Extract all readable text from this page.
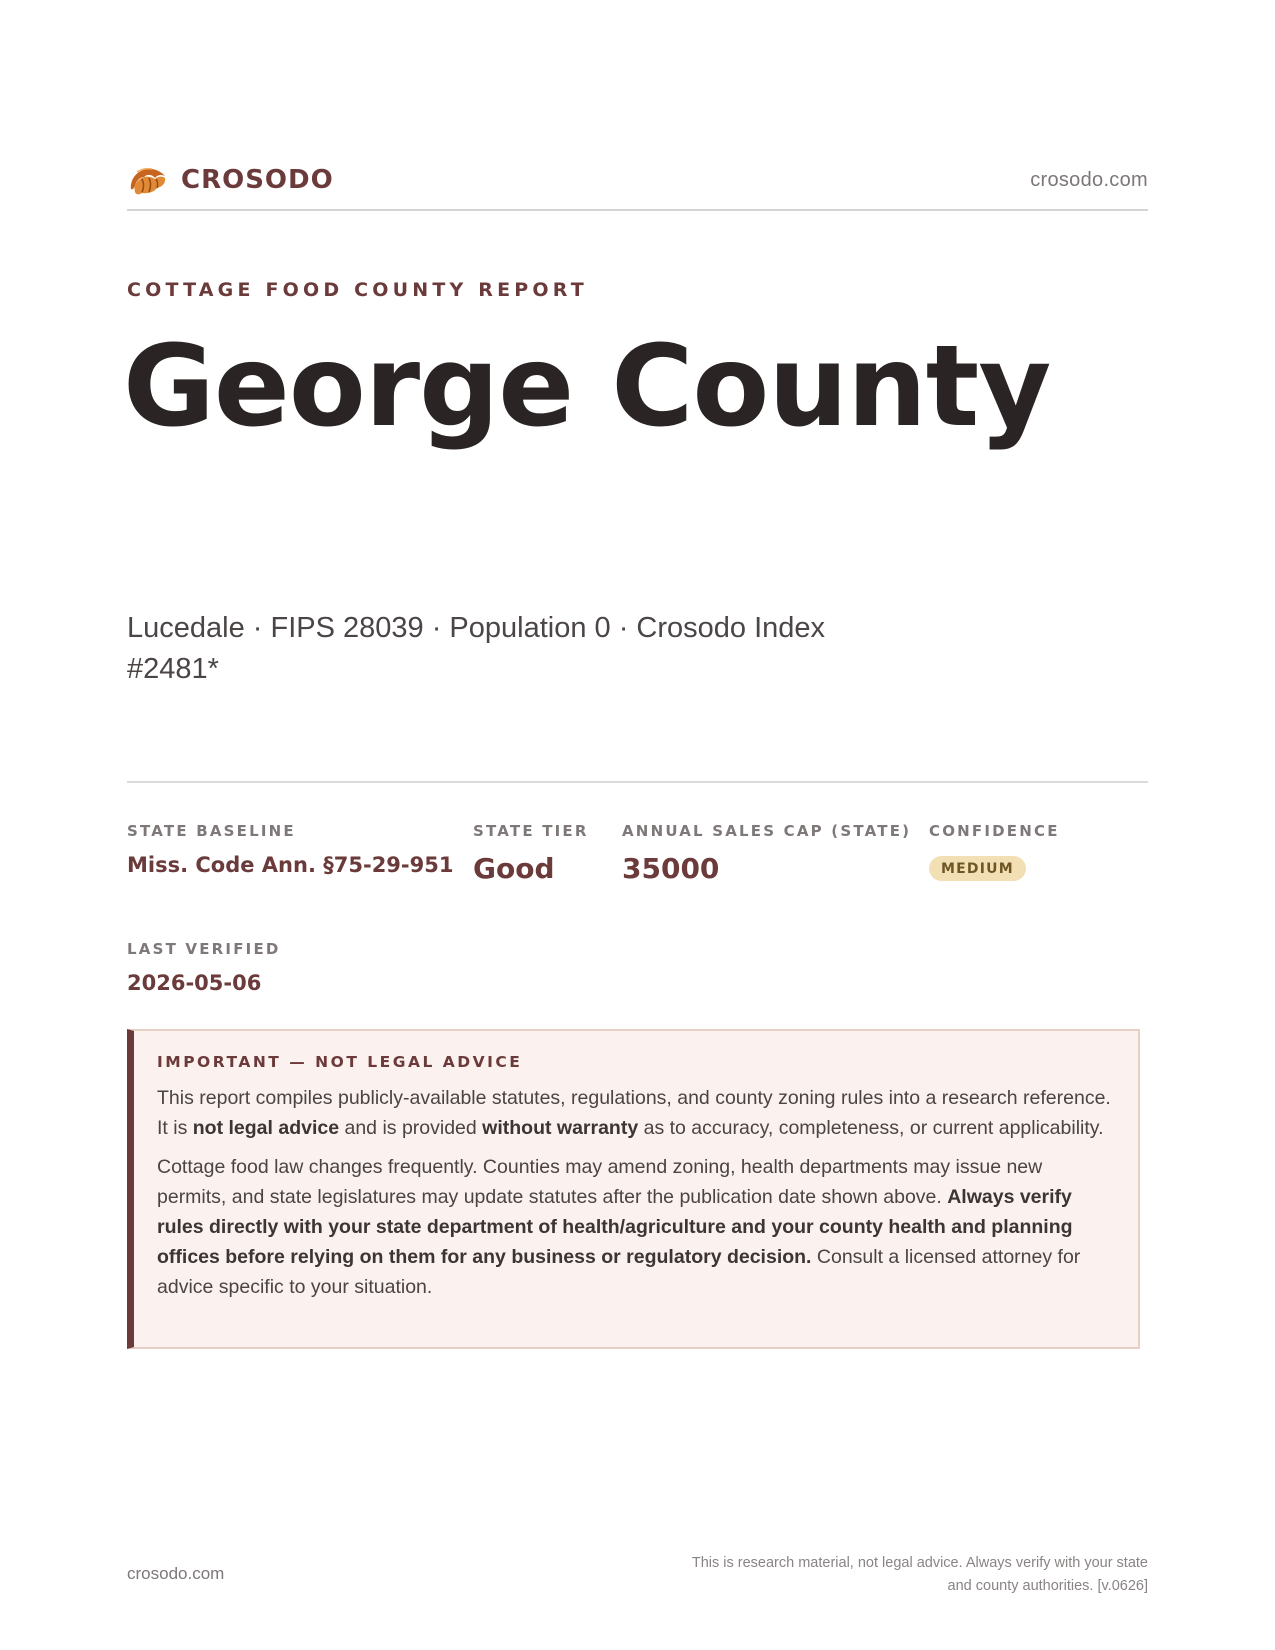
CROSODO	crosodo.com
COTTAGE FOOD COUNTY REPORT
George County
Lucedale · FIPS 28039 · Population 0 · Crosodo Index #2481*
STATE BASELINE
Miss. Code Ann. §75-29-951
STATE TIER
Good
ANNUAL SALES CAP (STATE)
35000
CONFIDENCE
MEDIUM
LAST VERIFIED
2026-05-06
IMPORTANT — NOT LEGAL ADVICE

This report compiles publicly-available statutes, regulations, and county zoning rules into a research reference. It is not legal advice and is provided without warranty as to accuracy, completeness, or current applicability.

Cottage food law changes frequently. Counties may amend zoning, health departments may issue new permits, and state legislatures may update statutes after the publication date shown above. Always verify rules directly with your state department of health/agriculture and your county health and planning offices before relying on them for any business or regulatory decision. Consult a licensed attorney for advice specific to your situation.

crosodo.com
This is research material, not legal advice. Always verify with your state
and county authorities. [v.0626]
